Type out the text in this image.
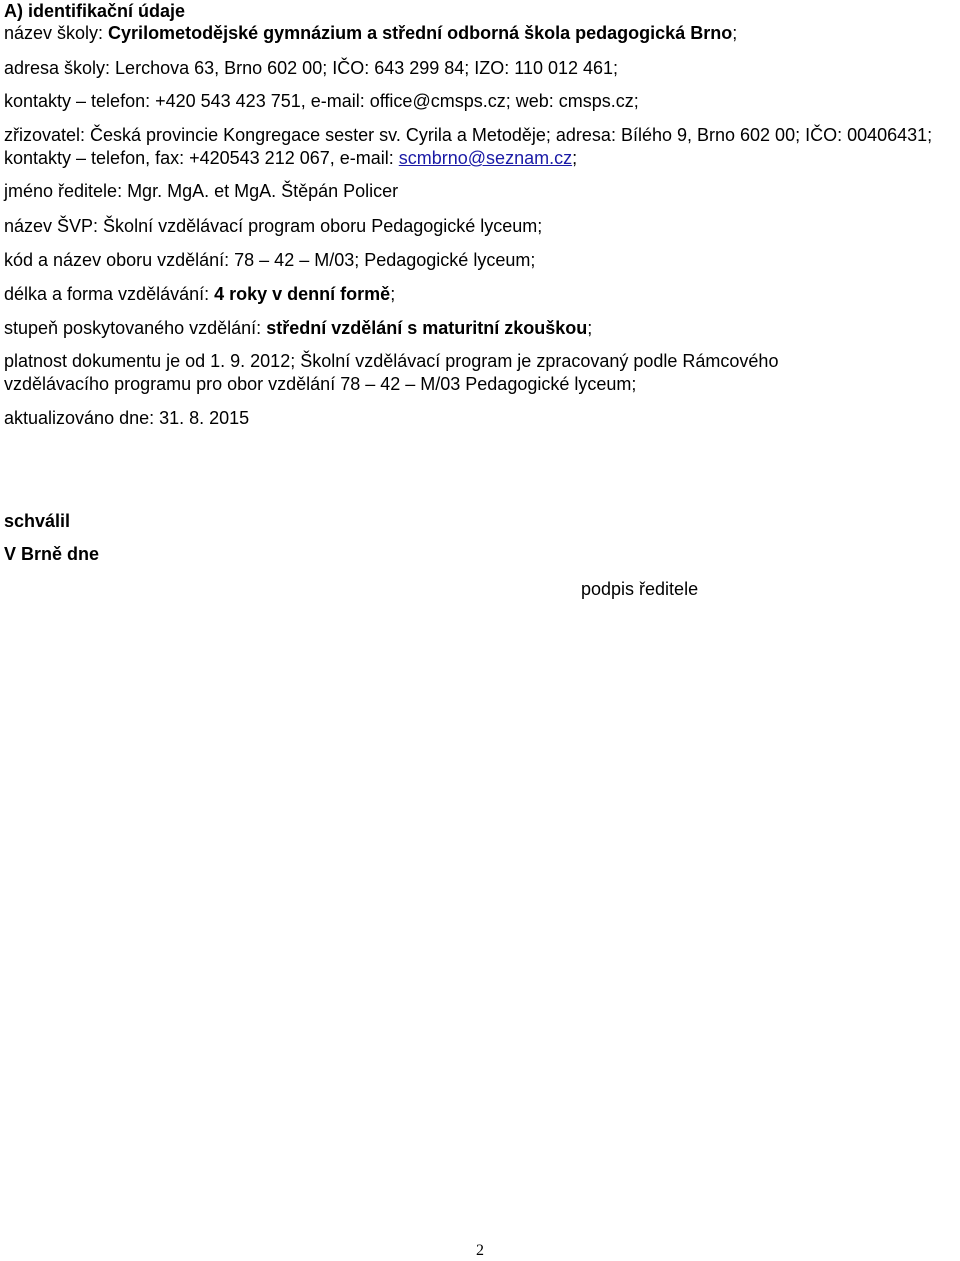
A) identifikační údaje
název školy: Cyrilometodějské gymnázium a střední odborná škola pedagogická Brno;
adresa školy: Lerchova 63, Brno 602 00; IČO: 643 299 84; IZO: 110 012 461;
kontakty – telefon: +420 543 423 751, e-mail: office@cmsps.cz; web: cmsps.cz;
zřizovatel: Česká provincie Kongregace sester sv. Cyrila a Metoděje; adresa: Bílého 9, Brno 602 00; IČO: 00406431; kontakty – telefon, fax: +420543 212 067, e-mail: scmbrno@seznam.cz;
jméno ředitele: Mgr. MgA. et MgA. Štěpán Policer
název ŠVP: Školní vzdělávací program oboru Pedagogické lyceum;
kód a název oboru vzdělání: 78 – 42 – M/03; Pedagogické lyceum;
délka a forma vzdělávání: 4 roky v denní formě;
stupeň poskytovaného vzdělání: střední vzdělání s maturitní zkouškou;
platnost dokumentu je od 1. 9. 2012; Školní vzdělávací program je zpracovaný podle Rámcového vzdělávacího programu pro obor vzdělání 78 – 42 – M/03 Pedagogické lyceum;
aktualizováno dne: 31. 8. 2015
schválil
V Brně dne
podpis ředitele
2
